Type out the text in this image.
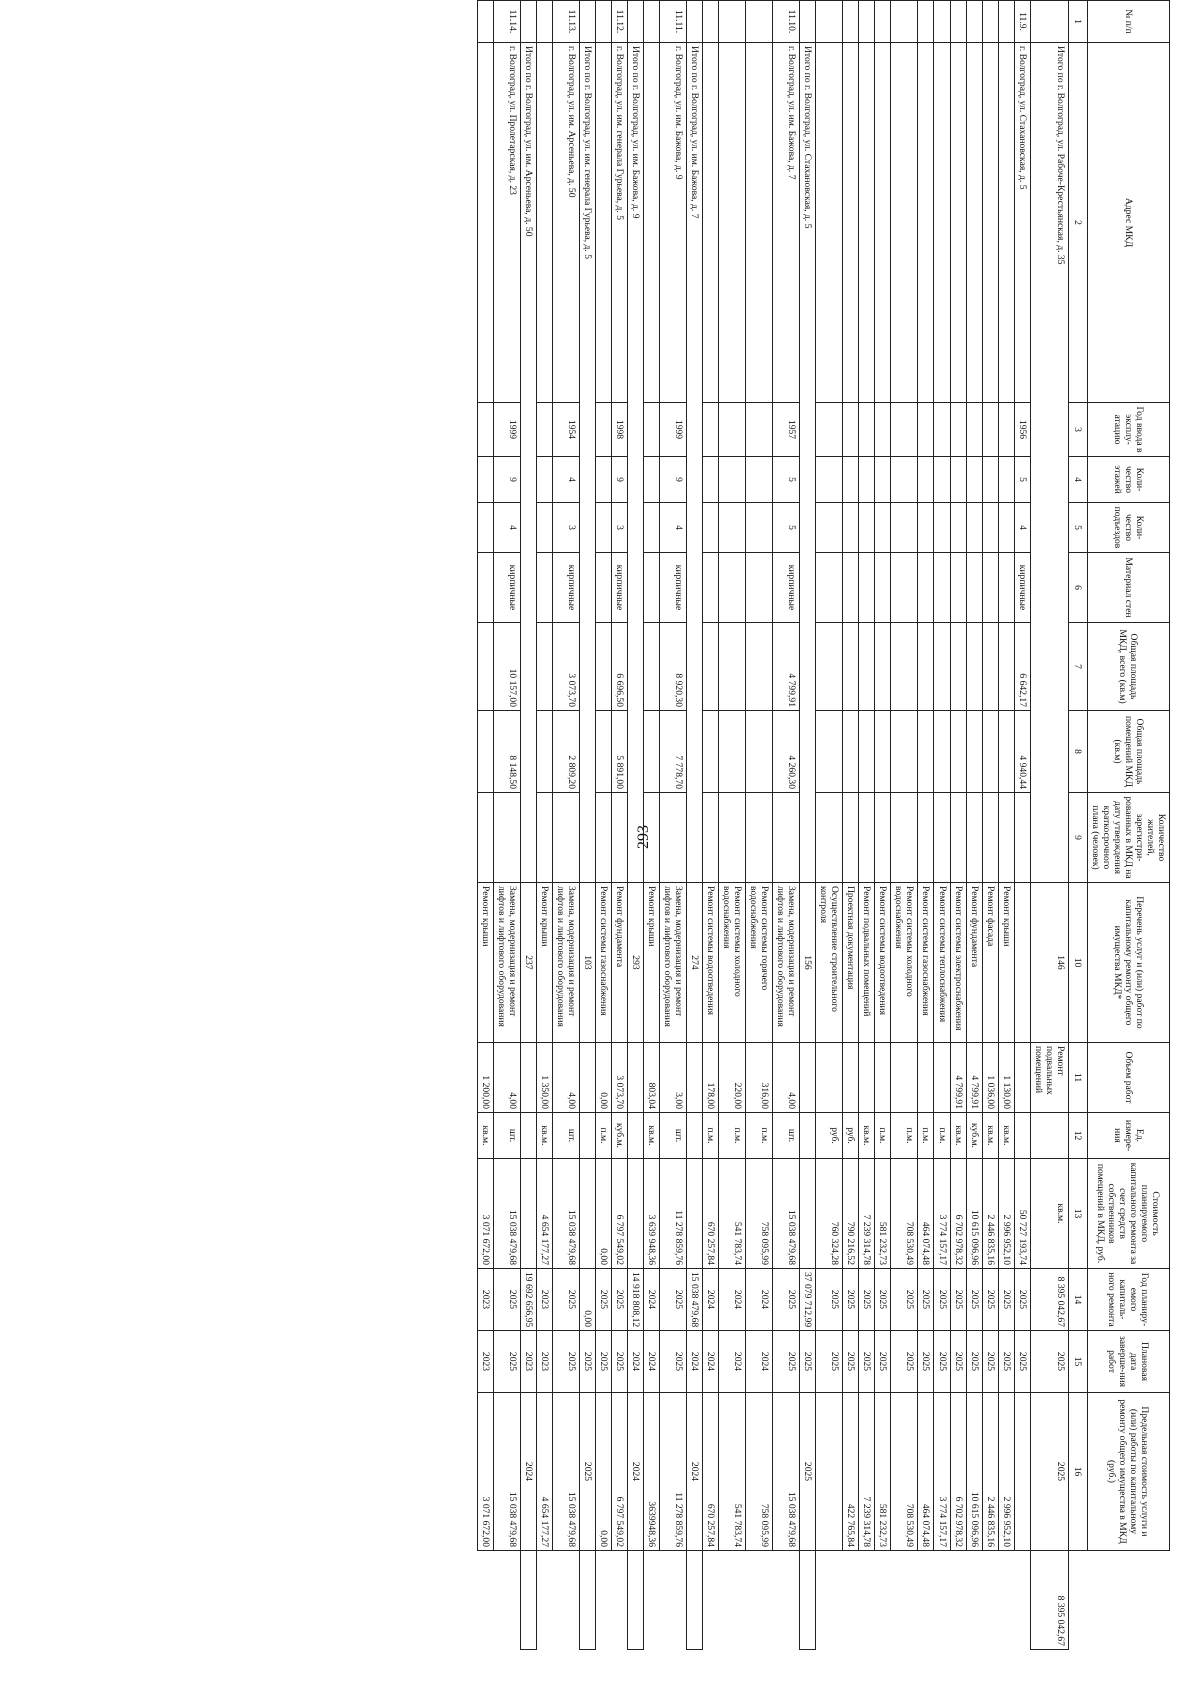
293
№ п/п	Адрес МКД	Год ввода в эксплу-атацию	Коли-чество этажей	Коли-чество подъездов	Материал стен	Общая площадь МКД, всего (кв.м)	Общая площадь помещений МКД (кв.м)	Количество жителей, зарегистри-рованных в МКД на дату утверждения краткосрочного плана (человек)	Перечень услуг и (или) работ по капитальному ремонту общего имущества МКД*	Объем работ	Ед. измере-ния	Стоимость планируемого капитального ремонта за счет средств собственников помещений в МКД, руб.	Год планиру-емого капиталь-ного ремонта	Плановая дата заверше-ния работ	Предельная стоимость услуги и (или) работы по капитальному ремонту общего имущества в МКД (руб.)	
1	2	3	4	5	6	7	8	9	10	11	12	13	14	15	16	
	Итого по г. Волгоград, ул. Рабоче-Крестьянская, д. 35								146	Ремонт подвальных помещений		кв.м.	8 395 042,67	2025	2025	8 395 042,67
11.9.	г. Волгоград, ул. Стахановская, д. 5	1956	5	4	кирпичные	6 642,17	4 940,44					50 727 193,74	2025	2025		
									Ремонт крыши	1 130,00	кв.м.	2 996 952,10	2025	2025	2 996 952,10	
									Ремонт фасада	1 036,00	кв.м.	2 446 835,16	2025	2025	2 446 835,16	
									Ремонт фундамента	4 799,91	куб.м.	10 615 096,96	2025	2025	10 615 096,96	
									Ремонт системы электроснабжения	4 799,91	кв.м.	6 702 978,32	2025	2025	6 702 978,32	
									Ремонт системы теплоснабжения		п.м.	3 774 157,17	2025	2025	3 774 157,17	
									Ремонт системы газоснабжения		п.м.	464 074,48	2025	2025	464 074,48	
									Ремонт системы холодного водоснабжения		п.м.	708 530,49	2025	2025	708 530,49	
									Ремонт системы водоотведения		п.м.	581 232,73	2025	2025	581 232,73	
									Ремонт подвальных помещений		кв.м.	7 239 314,78	2025	2025	7 239 314,78	
									Проектная документация		руб.	790 216,52	2025	2025	422 765,84	
									Осуществление строительного контроля		руб.	760 324,28	2025	2025		
	Итого по г. Волгоград, ул. Стахановская, д. 5								156				37 079 712,99	2025	2025	
11.10.	г. Волгоград, ул. им. Бажова, д. 7	1957	5	5	кирпичные	4 799,91	4 260,30		Замена, модернизация и ремонт лифтов и лифтового оборудования	4,00	шт.	15 038 479,68	2025	2025	15 038 479,68	
									Ремонт системы горячего водоснабжения	316,00	п.м.	758 095,99	2024	2024	758 095,99	
									Ремонт системы холодного водоснабжения	220,00	п.м.	541 783,74	2024	2024	541 783,74	
									Ремонт системы водоотведения	178,00	п.м.	670 257,84	2024	2024	670 257,84	
	Итого по г. Волгоград, ул. им. Бажова, д. 7								274				15 038 479,68	2024	2024	
11.11.	г. Волгоград, ул. им. Бажова, д. 9	1999	9	4	кирпичные	8 920,30	7 778,70		Замена, модернизация и ремонт лифтов и лифтового оборудования	3,00	шт.	11 278 859,76	2025	2025	11 278 859,76	
									Ремонт крыши	803,04	кв.м.	3 639 948,36	2024	2024	3639948,36	
	Итого по г. Волгоград, ул. им. Бажова, д. 9								293				14 918 808,12	2024	2024	
11.12.	г. Волгоград, ул. им. генерала Гурьева, д. 5	1998	9	3	кирпичные	6 696,50	5 891,00		Ремонт фундамента	3 073,70	куб.м.	6 797 549,02	2025	2025	6 797 549,02	
									Ремонт системы газоснабжения	0,00	п.м.	0,00	2025	2025	0,00	
	Итого по г. Волгоград, ул. им. генерала Гурьева, д. 5								103				0,00	2025	2025	
11.13.	г. Волгоград, ул. им. Арсеньева, д. 50	1954	4	3	кирпичные	3 073,70	2 809,20		Замена, модернизация и ремонт лифтов и лифтового оборудования	4,00	шт.	15 038 479,68	2025	2025	15 038 479,68	
									Ремонт крыши	1 350,00	кв.м.	4 654 177,27	2023	2023	4 654 177,27	
	Итого по г. Волгоград, ул. им. Арсеньева, д. 50								237				19 692 656,95	2023	2024	
11.14.	г. Волгоград, ул. Пролетарская, д. 23	1999	9	4	кирпичные	10 157,00	8 148,50		Замена, модернизация и ремонт лифтов и лифтового оборудования	4,00	шт.	15 038 479,68	2025	2025	15 038 479,68	
									Ремонт крыши	1 200,00	кв.м.	3 071 672,00	2023	2023	3 071 672,00	
